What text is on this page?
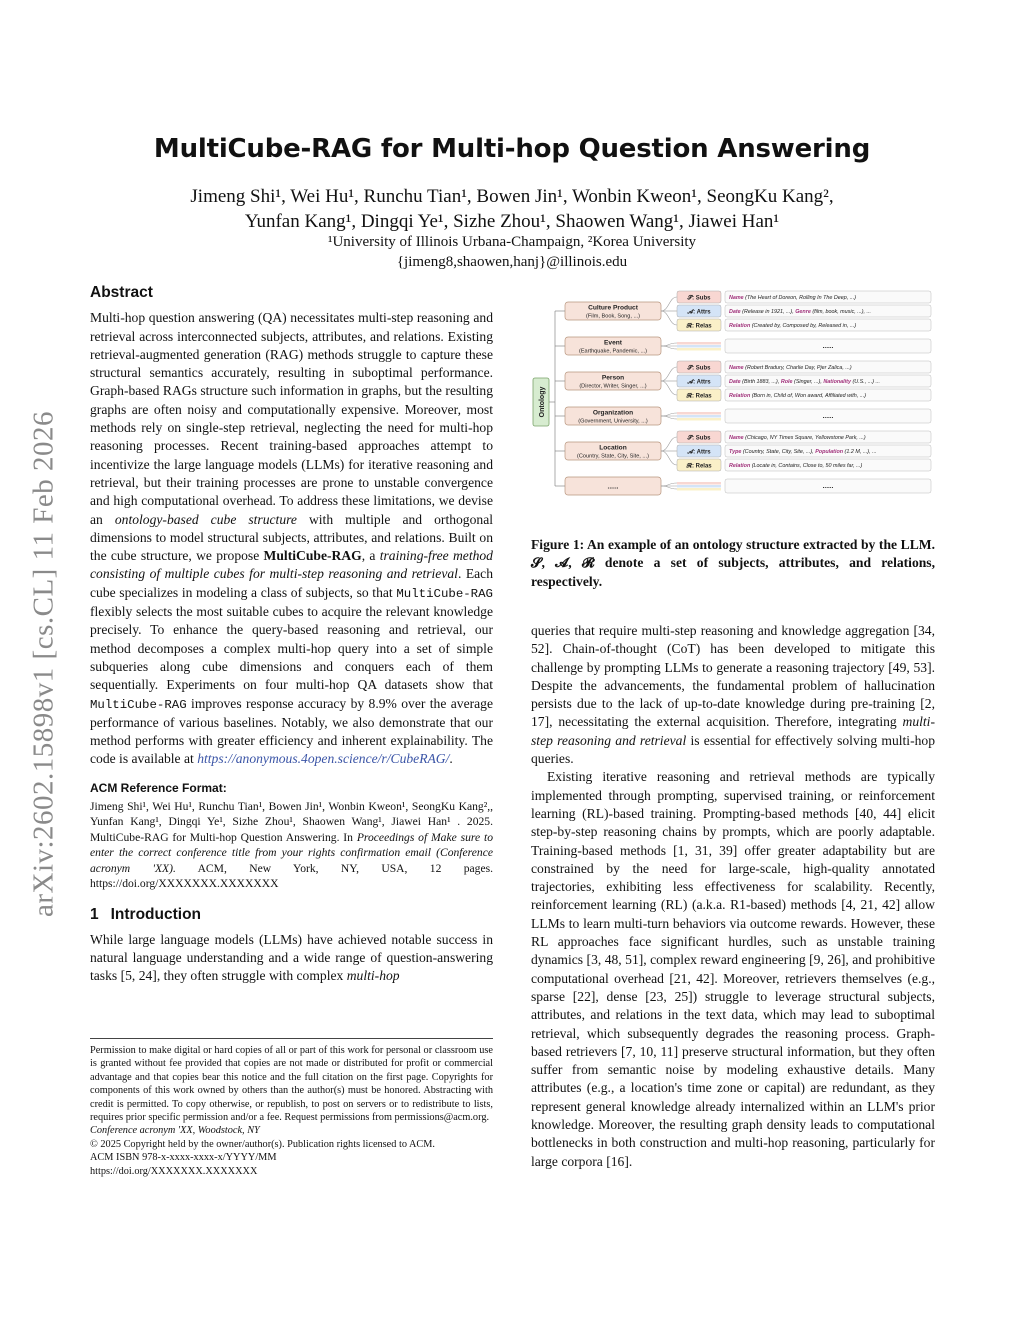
arXiv:2602.15898v1 [cs.CL] 11 Feb 2026
MultiCube-RAG for Multi-hop Question Answering
Jimeng Shi¹, Wei Hu¹, Runchu Tian¹, Bowen Jin¹, Wonbin Kweon¹, SeongKu Kang²,
Yunfan Kang¹, Dingqi Ye¹, Sizhe Zhou¹, Shaowen Wang¹, Jiawei Han¹
¹University of Illinois Urbana-Champaign, ²Korea University
{jimeng8,shaowen,hanj}@illinois.edu
Abstract

Multi-hop question answering (QA) necessitates multi-step reasoning and retrieval across interconnected subjects, attributes, and relations. Existing retrieval-augmented generation (RAG) methods struggle to capture these structural semantics accurately, resulting in suboptimal performance. Graph-based RAGs structure such information in graphs, but the resulting graphs are often noisy and computationally expensive. Moreover, most methods rely on single-step retrieval, neglecting the need for multi-hop reasoning processes. Recent training-based approaches attempt to incentivize the large language models (LLMs) for iterative reasoning and retrieval, but their training processes are prone to unstable convergence and high computational overhead. To address these limitations, we devise an ontology-based cube structure with multiple and orthogonal dimensions to model structural subjects, attributes, and relations. Built on the cube structure, we propose MultiCube-RAG, a training-free method consisting of multiple cubes for multi-step reasoning and retrieval. Each cube specializes in modeling a class of subjects, so that MultiCube-RAG flexibly selects the most suitable cubes to acquire the relevant knowledge precisely. To enhance the query-based reasoning and retrieval, our method decomposes a complex multi-hop query into a set of simple subqueries along cube dimensions and conquers each of them sequentially. Experiments on four multi-hop QA datasets show that MultiCube-RAG improves response accuracy by 8.9% over the average performance of various baselines. Notably, we also demonstrate that our method performs with greater efficiency and inherent explainability. The code is available at https://anonymous.4open.science/r/CubeRAG/.

ACM Reference Format:

Jimeng Shi¹, Wei Hu¹, Runchu Tian¹, Bowen Jin¹, Wonbin Kweon¹, SeongKu Kang²,, Yunfan Kang¹, Dingqi Ye¹, Sizhe Zhou¹, Shaowen Wang¹, Jiawei Han¹ . 2025. MultiCube-RAG for Multi-hop Question Answering. In Proceedings of Make sure to enter the correct conference title from your rights confirmation email (Conference acronym 'XX). ACM, New York, NY, USA, 12 pages. https://doi.org/XXXXXXX.XXXXXXX

1 Introduction

While large language models (LLMs) have achieved notable success in natural language understanding and a wide range of question-answering tasks [5, 24], they often struggle with complex multi-hop

Permission to make digital or hard copies of all or part of this work for personal or classroom use is granted without fee provided that copies are not made or distributed for profit or commercial advantage and that copies bear this notice and the full citation on the first page. Copyrights for components of this work owned by others than the author(s) must be honored. Abstracting with credit is permitted. To copy otherwise, or republish, to post on servers or to redistribute to lists, requires prior specific permission and/or a fee. Request permissions from permissions@acm.org.

Conference acronym 'XX, Woodstock, NY

© 2025 Copyright held by the owner/author(s). Publication rights licensed to ACM.

ACM ISBN 978-x-xxxx-xxxx-x/YYYY/MM

https://doi.org/XXXXXXX.XXXXXXX

Ontology
Culture Product
(Film, Book, Song, ...)
𝓢: Subs	Name (The Heart of Doreon, Rolling In The Deep, ...)
𝓐: Attrs	Date (Release in 1921, ...), Genre (film, book, music, ...), ...
𝓡: Relas	Relation (Created by, Composed by, Released in, ...)
Event
(Earthquake, Pandemic, ...)
......
Person
(Director, Writer, Singer, ...)
𝓢: Subs	Name (Robert Bradury, Charlie Day, Pjer Zalica, ...)
𝓐: Attrs	Date (Birth 1883, ...), Role (Singer, ...), Nationality (U.S., ...) ...
𝓡: Relas	Relation (Born in, Child of, Won award, Affiliated with, ...)
Organization
(Government, University, ...)
......
Location
(Country, State, City, Site, ...)
𝓢: Subs	Name (Chicago, NY Times Square, Yellowstone Park, ...)
𝓐: Attrs	Type (Country, State, City, Site, ...), Population (1.2 M, ...), ...
𝓡: Relas	Relation (Locate in, Contains, Close to, 50 miles far, ...)
......	......
Figure 1: An example of an ontology structure extracted by the LLM. 𝓢, 𝓐, 𝓡 denote a set of subjects, attributes, and relations, respectively.

queries that require multi-step reasoning and knowledge aggregation [34, 52]. Chain-of-thought (CoT) has been developed to mitigate this challenge by prompting LLMs to generate a reasoning trajectory [49, 53]. Despite the advancements, the fundamental problem of hallucination persists due to the lack of up-to-date knowledge during pre-training [2, 17], necessitating the external acquisition. Therefore, integrating multi-step reasoning and retrieval is essential for effectively solving multi-hop queries.

Existing iterative reasoning and retrieval methods are typically implemented through prompting, supervised training, or reinforcement learning (RL)-based training. Prompting-based methods [40, 44] elicit step-by-step reasoning chains by prompts, which are poorly adaptable. Training-based methods [1, 31, 39] offer greater adaptability but are constrained by the need for large-scale, high-quality annotated trajectories, exhibiting less effectiveness for scalability. Recently, reinforcement learning (RL) (a.k.a. R1-based) methods [4, 21, 42] allow LLMs to learn multi-turn behaviors via outcome rewards. However, these RL approaches face significant hurdles, such as unstable training dynamics [3, 48, 51], complex reward engineering [9, 26], and prohibitive computational overhead [21, 42]. Moreover, retrievers themselves (e.g., sparse [22], dense [23, 25]) struggle to leverage structural subjects, attributes, and relations in the text data, which may lead to suboptimal retrieval, which subsequently degrades the reasoning process. Graph-based retrievers [7, 10, 11] preserve structural information, but they often suffer from semantic noise by modeling exhaustive details. Many attributes (e.g., a location's time zone or capital) are redundant, as they represent general knowledge already internalized within an LLM's prior knowledge. Moreover, the resulting graph density leads to computational bottlenecks in both construction and multi-hop reasoning, particularly for large corpora [16].
